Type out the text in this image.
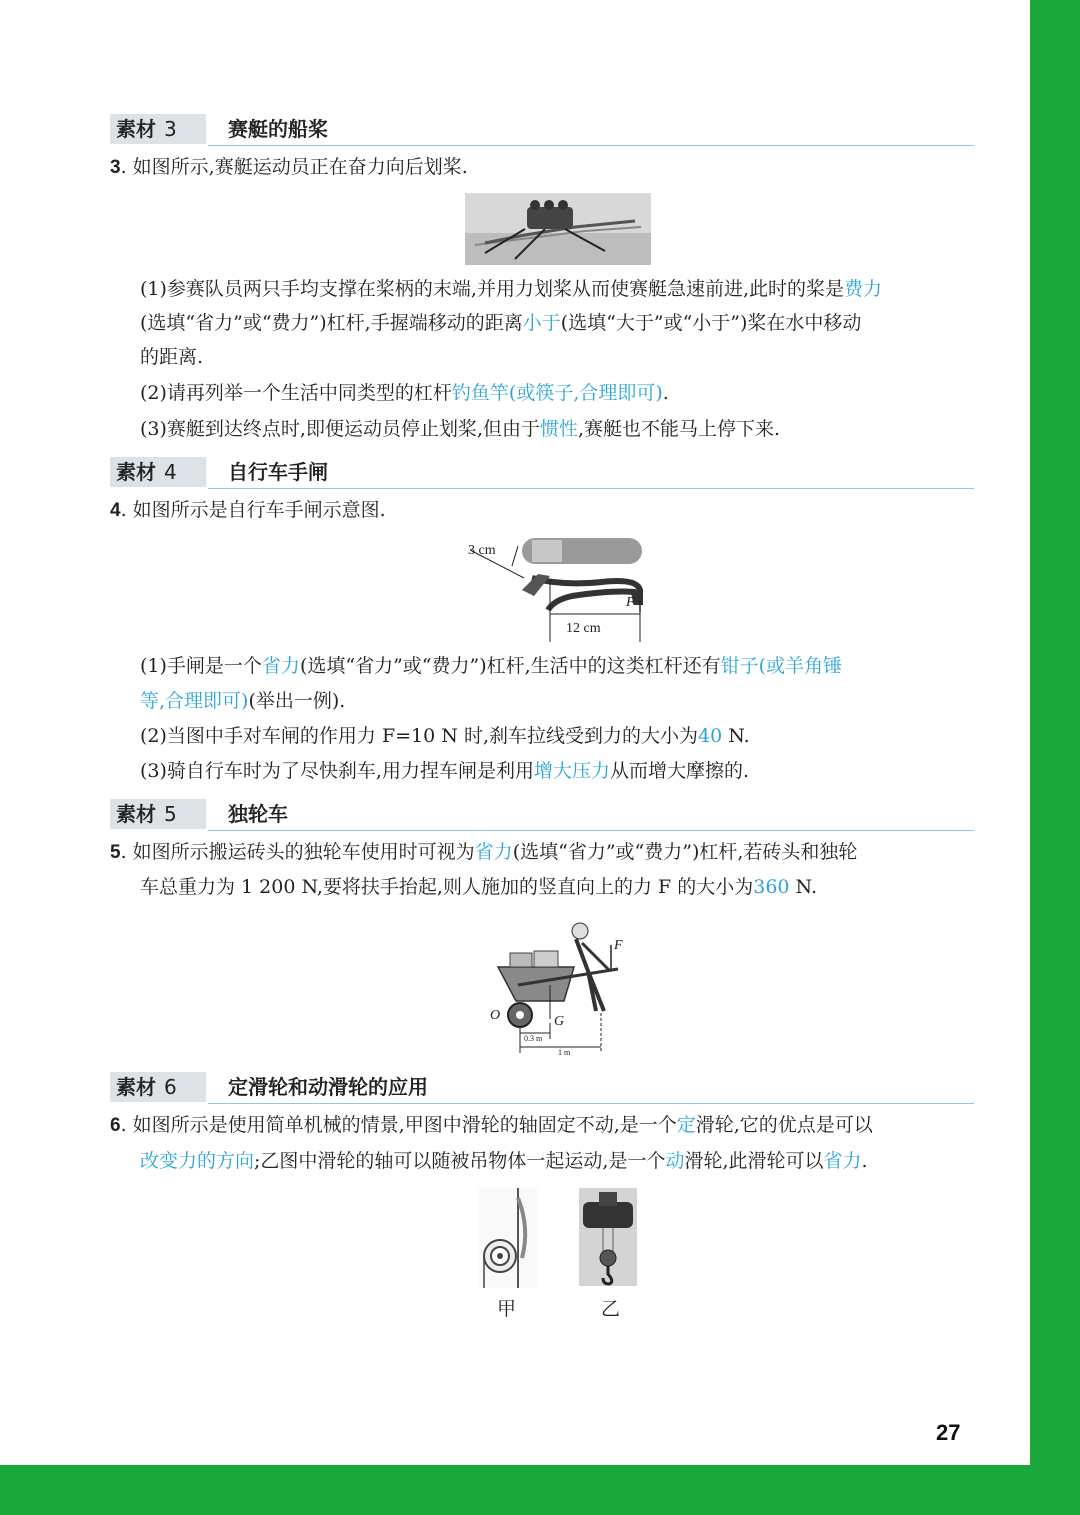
素材 3	赛艇的船桨
3. 如图所示,赛艇运动员正在奋力向后划桨.
(1)参赛队员两只手均支撑在桨柄的末端,并用力划桨从而使赛艇急速前进,此时的桨是费力
(选填“省力”或“费力”)杠杆,手握端移动的距离小于(选填“大于”或“小于”)桨在水中移动
的距离.
(2)请再列举一个生活中同类型的杠杆钓鱼竿(或筷子,合理即可).
(3)赛艇到达终点时,即便运动员停止划桨,但由于惯性,赛艇也不能马上停下来.
素材 4	自行车手闸
4. 如图所示是自行车手闸示意图.
3 cm
12 cm
F
(1)手闸是一个省力(选填“省力”或“费力”)杠杆,生活中的这类杠杆还有钳子(或羊角锤
等,合理即可)(举出一例).
(2)当图中手对车闸的作用力 F=10 N 时,刹车拉线受到力的大小为40 N.
(3)骑自行车时为了尽快刹车,用力捏车闸是利用增大压力从而增大摩擦的.
素材 5	独轮车
5. 如图所示搬运砖头的独轮车使用时可视为省力(选填“省力”或“费力”)杠杆,若砖头和独轮
车总重力为 1 200 N,要将扶手抬起,则人施加的竖直向上的力 F 的大小为360 N.
O	G
F
0.3 m
1 m
素材 6	定滑轮和动滑轮的应用
6. 如图所示是使用简单机械的情景,甲图中滑轮的轴固定不动,是一个定滑轮,它的优点是可以
改变力的方向;乙图中滑轮的轴可以随被吊物体一起运动,是一个动滑轮,此滑轮可以省力.
甲	乙
27
